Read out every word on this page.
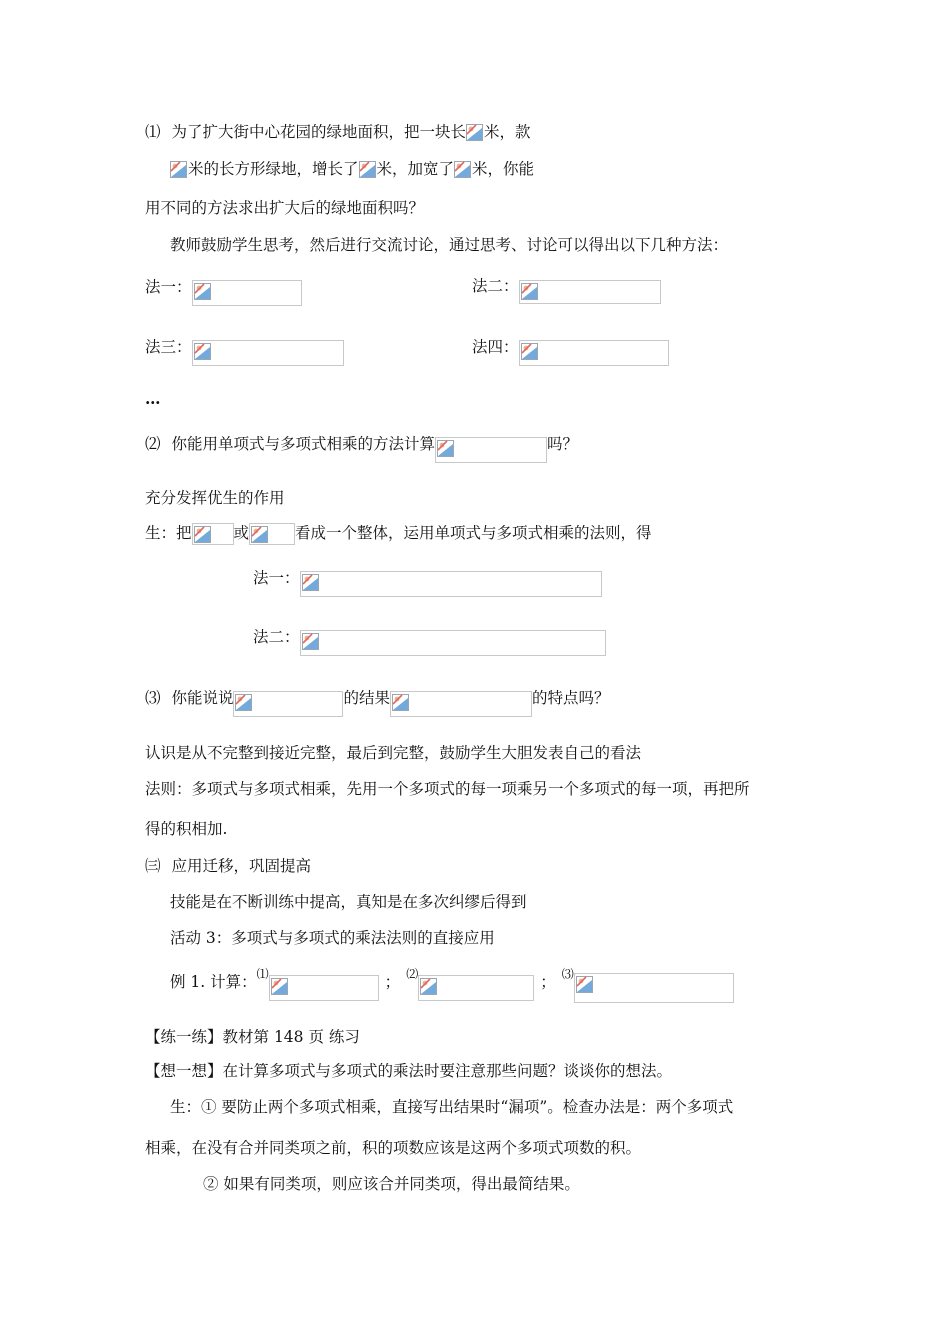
⑴ 为了扩大街中心花园的绿地面积，把一块长 米，款
米的长方形绿地，增长了 米，加宽了 米，你能
用不同的方法求出扩大后的绿地面积吗？
教师鼓励学生思考，然后进行交流讨论，通过思考、讨论可以得出以下几种方法：
法一：	法二：
法三：	法四：
…
⑵ 你能用单项式与多项式相乘的方法计算	吗？
充分发挥优生的作用
生：把	或	看成一个整体，运用单项式与多项式相乘的法则，得
法一：
法二：
⑶ 你能说说	的结果	的特点吗？
认识是从不完整到接近完整，最后到完整，鼓励学生大胆发表自己的看法
法则：多项式与多项式相乘，先用一个多项式的每一项乘另一个多项式的每一项，再把所
得的积相加.
㈢ 应用迁移，巩固提高
技能是在不断训练中提高，真知是在多次纠缪后得到
活动 3：多项式与多项式的乘法法则的直接应用
例 1. 计算：⑴	； ⑵	； ⑶
【练一练】教材第 148 页 练习
【想一想】在计算多项式与多项式的乘法时要注意那些问题？谈谈你的想法。
生：① 要防止两个多项式相乘，直接写出结果时“漏项”。检查办法是：两个多项式
相乘，在没有合并同类项之前，积的项数应该是这两个多项式项数的积。
② 如果有同类项，则应该合并同类项，得出最简结果。
